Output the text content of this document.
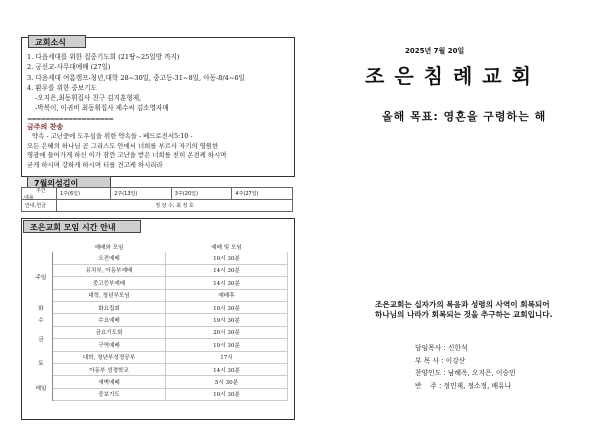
교회소식
1. 다음세대를 위한 집중기도회 (21땅~25일방 까지)
2. 궁선교-사무대예배 (27일)
3. 다음세대 여름캠프-청년,대학 28~30일, 중고등-31~8일, 아동-8/4~6일
4. 환우를 위한 중보기도
-오지은,최동휘집사 친구 김지훈형제,
-박복이, 이귀비 최동휘집사 제수씨 김소영자매
===================
금주의 찬송
약속 - 고난중에 도우심을 위한 약속들 - 베드로전서5:10 -
모든 은혜의 하나님 곧 그리스도 안에서 너희를 부르사 자기의 영원한
영광에 들어가게 하신 이가 잠깐 고난을 받은 너희를 친히 온전케 하시며
굳게 하시며 강하게 하시며 터를 견고케 하시리라
7월의섬김이
주간
내용	1주(6일)	2주(13일)	3주(20일)	4주(27일)
안내,헌금	정 상 수, 최 정 호			
조은교회 모임 시간 안내
	예배와 모임	예배 및 모임
주일	오전예배	10시 30분
	유치부, 아동부예배	14시 30분
	중고등부예배	14시 30분
	대학, 청년부모임	예배후
화	화요집회	10시 30분
수	수요예배	19시 30분
금	금요기도회	20시 30분
	구역예배	10시 30분
토	대학, 청년부성경공부	17시
	아동부 성경학교	14시 30분
매일	새벽예배	5시 30분
	중보기도	10시 30분
2025년 7월 20일
조은침례교회
올해 목표: 영혼을 구령하는 해
조은교회는 십자가의 복음과 성령의 사역이 회복되어
하나님의 나라가 회복되는 것을 추구하는 교회입니다.
담임목사 : 신한석
부 목 사 : 이강산
찬양인도 : 남혜옥, 오지은, 이승민
반    주 : 정민재, 정소정, 배유나
